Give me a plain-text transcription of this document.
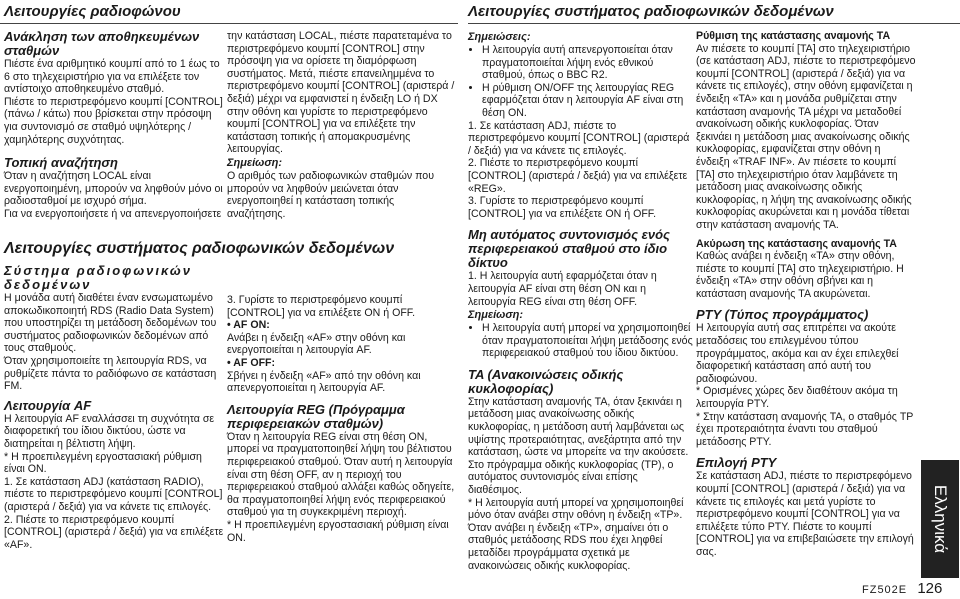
Λειτουργίες ραδιοφώνου	Λειτουργίες συστήματος ραδιοφωνικών δεδομένων

Ανάκληση των αποθηκευμένων σταθμών

Πιέστε ένα αριθμητικό κουμπί από το 1 έως το 6 στο τηλεχειριστήριο για να επιλέξετε τον αντίστοιχο αποθηκευμένο σταθμό.

Πιέστε το περιστρεφόμενο κουμπί [CONTROL] (πάνω / κάτω) που βρίσκεται στην πρόσοψη για συντονισμό σε σταθμό υψηλότερης / χαμηλότερης συχνότητας.

Τοπική αναζήτηση

Όταν η αναζήτηση LOCAL είναι ενεργοποιημένη, μπορούν να ληφθούν μόνο οι ραδιοσταθμοί με ισχυρό σήμα.

Για να ενεργοποιήσετε ή να απενεργοποιήσετε

την κατάσταση LOCAL, πιέστε παρατεταμένα το περιστρεφόμενο κουμπί [CONTROL] στην πρόσοψη για να ορίσετε τη διαμόρφωση συστήματος. Μετά, πιέστε επανειλημμένα το περιστρεφόμενο κουμπί [CONTROL] (αριστερά / δεξιά) μέχρι να εμφανιστεί η ένδειξη LO ή DX στην οθόνη και γυρίστε το περιστρεφόμενο κουμπί [CONTROL] για να επιλέξετε την κατάσταση τοπικής ή απομακρυσμένης λειτουργίας.

Σημείωση:

Ο αριθμός των ραδιοφωνικών σταθμών που μπορούν να ληφθούν μειώνεται όταν ενεργοποιηθεί η κατάσταση τοπικής αναζήτησης.

Λειτουργίες συστήματος ραδιοφωνικών δεδομένων

Σύστημα ραδιοφωνικών δεδομένων

Η μονάδα αυτή διαθέτει έναν ενσωματωμένο αποκωδικοποιητή RDS (Radio Data System) που υποστηρίζει τη μετάδοση δεδομένων του συστήματος ραδιοφωνικών δεδομένων από τους σταθμούς.

Όταν χρησιμοποιείτε τη λειτουργία RDS, να ρυθμίζετε πάντα το ραδιόφωνο σε κατάσταση FM.

Λειτουργία AF

Η λειτουργία AF εναλλάσσει τη συχνότητα σε διαφορετική του ίδιου δικτύου, ώστε να διατηρείται η βέλτιστη λήψη.

* Η προεπιλεγμένη εργοστασιακή ρύθμιση είναι ON.

1. Σε κατάσταση ADJ (κατάσταση RADIO), πιέστε το περιστρεφόμενο κουμπί [CONTROL] (αριστερά / δεξιά) για να κάνετε τις επιλογές.

2. Πιέστε το περιστρεφόμενο κουμπί [CONTROL] (αριστερά / δεξιά) για να επιλέξετε «AF».

3. Γυρίστε το περιστρεφόμενο κουμπί [CONTROL] για να επιλέξετε ON ή OFF.

• AF ON:

Ανάβει η ένδειξη «AF» στην οθόνη και ενεργοποιείται η λειτουργία AF.

• AF OFF:

Σβήνει η ένδειξη «AF» από την οθόνη και απενεργοποιείται η λειτουργία AF.

Λειτουργία REG (Πρόγραμμα περιφερειακών σταθμών)

Όταν η λειτουργία REG είναι στη θέση ON, μπορεί να πραγματοποιηθεί λήψη του βέλτιστου περιφερειακού σταθμού. Όταν αυτή η λειτουργία είναι στη θέση OFF, αν η περιοχή του περιφερειακού σταθμού αλλάξει καθώς οδηγείτε, θα πραγματοποιηθεί λήψη ενός περιφερειακού σταθμού για τη συγκεκριμένη περιοχή.

* Η προεπιλεγμένη εργοστασιακή ρύθμιση είναι ON.

Σημειώσεις:

• Η λειτουργία αυτή απενεργοποιείται όταν πραγματοποιείται λήψη ενός εθνικού σταθμού, όπως ο BBC R2.
• Η ρύθμιση ON/OFF της λειτουργίας REG εφαρμόζεται όταν η λειτουργία AF είναι στη θέση ON.

1. Σε κατάσταση ADJ, πιέστε το περιστρεφόμενο κουμπί [CONTROL] (αριστερά / δεξιά) για να κάνετε τις επιλογές.

2. Πιέστε το περιστρεφόμενο κουμπί [CONTROL] (αριστερά / δεξιά) για να επιλέξετε «REG».

3. Γυρίστε το περιστρεφόμενο κουμπί [CONTROL] για να επιλέξετε ON ή OFF.

Μη αυτόματος συντονισμός ενός περιφερειακού σταθμού στο ίδιο δίκτυο

1. Η λειτουργία αυτή εφαρμόζεται όταν η λειτουργία AF είναι στη θέση ON και η λειτουργία REG είναι στη θέση OFF.

Σημείωση:

• Η λειτουργία αυτή μπορεί να χρησιμοποιηθεί όταν πραγματοποιείται λήψη μετάδοσης ενός περιφερειακού σταθμού του ίδιου δικτύου.

TA (Ανακοινώσεις οδικής κυκλοφορίας)

Στην κατάσταση αναμονής TA, όταν ξεκινάει η μετάδοση μιας ανακοίνωσης οδικής κυκλοφορίας, η μετάδοση αυτή λαμβάνεται ως υψίστης προτεραιότητας, ανεξάρτητα από την κατάσταση, ώστε να μπορείτε να την ακούσετε. Στο πρόγραμμα οδικής κυκλοφορίας (TP), ο αυτόματος συντονισμός είναι επίσης διαθέσιμος.

* Η λειτουργία αυτή μπορεί να χρησιμοποιηθεί μόνο όταν ανάβει στην οθόνη η ένδειξη «TP». Όταν ανάβει η ένδειξη «TP», σημαίνει ότι ο σταθμός μετάδοσης RDS που έχει ληφθεί μεταδίδει προγράμματα σχετικά με ανακοινώσεις οδικής κυκλοφορίας.

Ρύθμιση της κατάστασης αναμονής TA

Αν πιέσετε το κουμπί [TA] στο τηλεχειριστήριο (σε κατάσταση ADJ, πιέστε το περιστρεφόμενο κουμπί [CONTROL] (αριστερά / δεξιά) για να κάνετε τις επιλογές), στην οθόνη εμφανίζεται η ένδειξη «TA» και η μονάδα ρυθμίζεται στην κατάσταση αναμονής TA μέχρι να μεταδοθεί ανακοίνωση οδικής κυκλοφορίας. Όταν ξεκινάει η μετάδοση μιας ανακοίνωσης οδικής κυκλοφορίας, εμφανίζεται στην οθόνη η ένδειξη «TRAF INF». Αν πιέσετε το κουμπί [TA] στο τηλεχειριστήριο όταν λαμβάνετε τη μετάδοση μιας ανακοίνωσης οδικής κυκλοφορίας, η λήψη της ανακοίνωσης οδικής κυκλοφορίας ακυρώνεται και η μονάδα τίθεται στην κατάσταση αναμονής TA.

Ακύρωση της κατάστασης αναμονής TA

Καθώς ανάβει η ένδειξη «TA» στην οθόνη, πιέστε το κουμπί [TA] στο τηλεχειριστήριο. Η ένδειξη «TA» στην οθόνη σβήνει και η κατάσταση αναμονής TA ακυρώνεται.

PTY (Τύπος προγράμματος)

Η λειτουργία αυτή σας επιτρέπει να ακούτε μεταδόσεις του επιλεγμένου τύπου προγράμματος, ακόμα και αν έχει επιλεχθεί διαφορετική κατάσταση από αυτή του ραδιοφώνου.

* Ορισμένες χώρες δεν διαθέτουν ακόμα τη λειτουργία PTY.

* Στην κατάσταση αναμονής TA, ο σταθμός TP έχει προτεραιότητα έναντι του σταθμού μετάδοσης PTY.

Επιλογή PTY

Σε κατάσταση ADJ, πιέστε το περιστρεφόμενο κουμπί [CONTROL] (αριστερά / δεξιά) για να κάνετε τις επιλογές και μετά γυρίστε το περιστρεφόμενο κουμπί [CONTROL] για να επιλέξετε τύπο PTY. Πιέστε το κουμπί [CONTROL] για να επιβεβαιώσετε την επιλογή σας.	Ελληνικά
FZ502E 126
